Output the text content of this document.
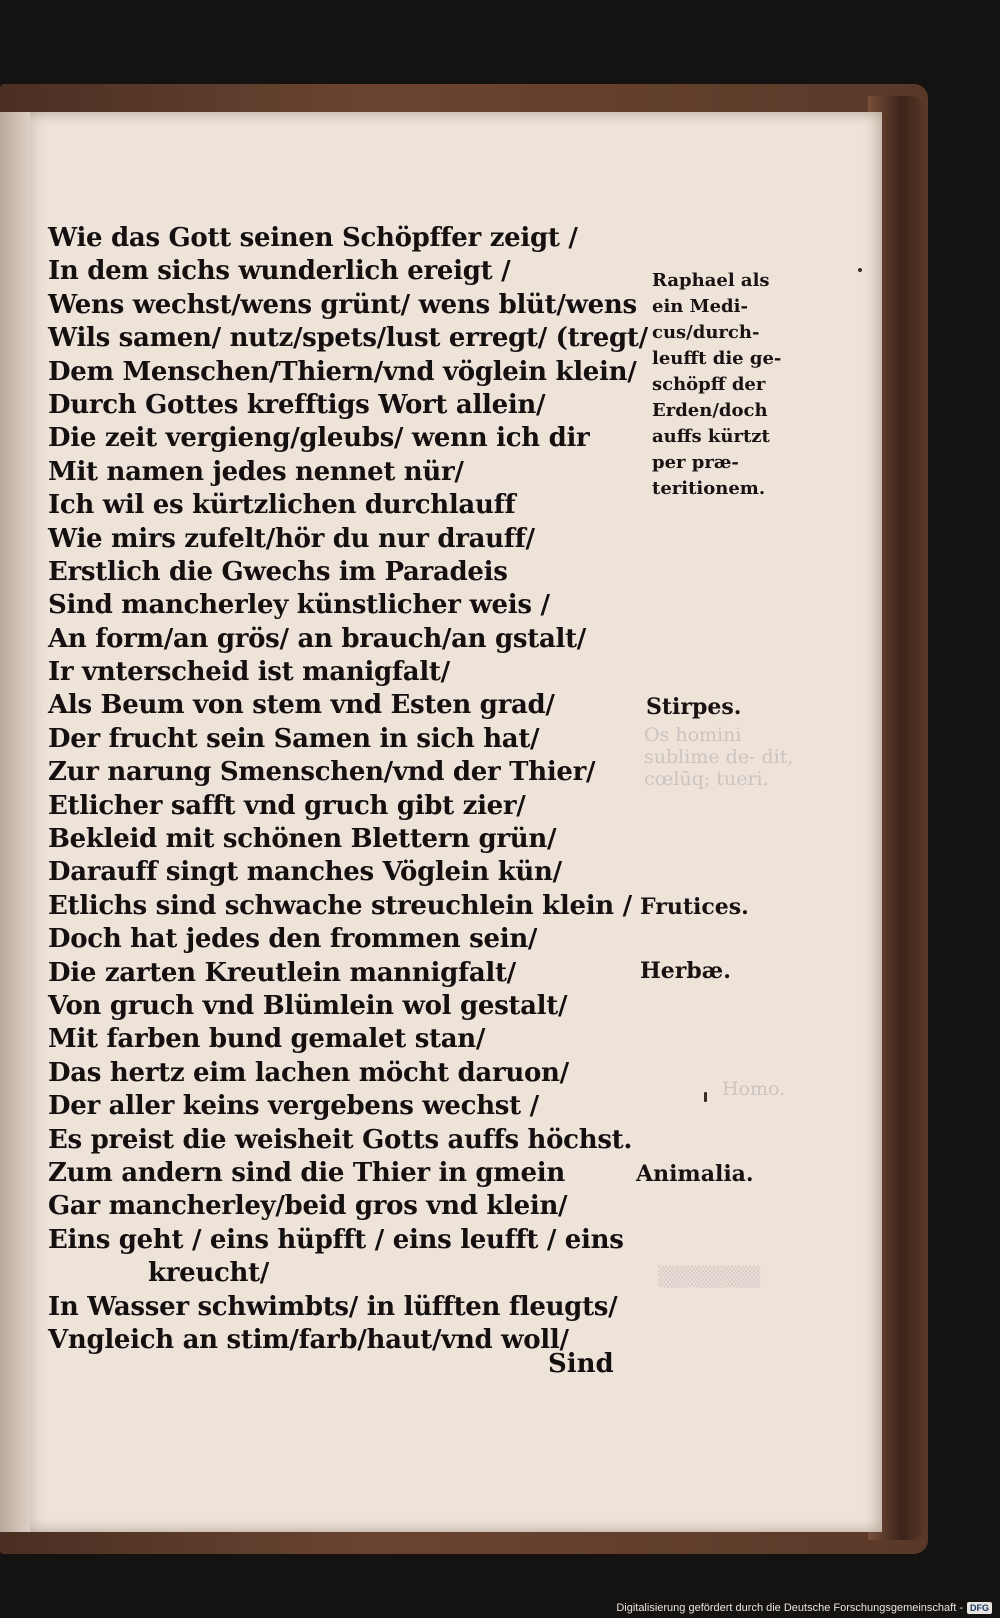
Os homini sublime de- dit, cœlūq; tueri.
Homo.
▒▒▒▒▒▒▒
Wie das Gott seinen Schöpffer zeigt /
In dem sichs wunderlich ereigt /
Wens wechst/wens grünt/ wens blüt/wens
Wils samen/ nutz/spets/lust erregt/ (tregt/
Dem Menschen/Thiern/vnd vöglein klein/
Durch Gottes krefftigs Wort allein/
Die zeit vergieng/gleubs/ wenn ich dir
Mit namen jedes nennet nür/
Ich wil es kürtzlichen durchlauff
Wie mirs zufelt/hör du nur drauff/
Erstlich die Gwechs im Paradeis
Sind mancherley künstlicher weis /
An form/an grös/ an brauch/an gstalt/
Ir vnterscheid ist manigfalt/
Als Beum von stem vnd Esten grad/
Der frucht sein Samen in sich hat/
Zur narung Smenschen/vnd der Thier/
Etlicher safft vnd gruch gibt zier/
Bekleid mit schönen Blettern grün/
Darauff singt manches Vöglein kün/
Etlichs sind schwache streuchlein klein /
Doch hat jedes den frommen sein/
Die zarten Kreutlein mannigfalt/
Von gruch vnd Blümlein wol gestalt/
Mit farben bund gemalet stan/
Das hertz eim lachen möcht daruon/
Der aller keins vergebens wechst /
Es preist die weisheit Gotts auffs höchst.
Zum andern sind die Thier in gmein
Gar mancherley/beid gros vnd klein/
Eins geht / eins hüpfft / eins leufft / eins
kreucht/
In Wasser schwimbts/ in lüfften fleugts/
Vngleich an stim/farb/haut/vnd woll/
Sind
Raphael als
ein Medi-
cus/durch-
leufft die ge-
schöpff der
Erden/doch
auffs kürtzt
per præ-
teritionem.
Stirpes.
Frutices.
Herbæ.
Animalia.
Digitalisierung gefördert durch die Deutsche Forschungsgemeinschaft - DFG
